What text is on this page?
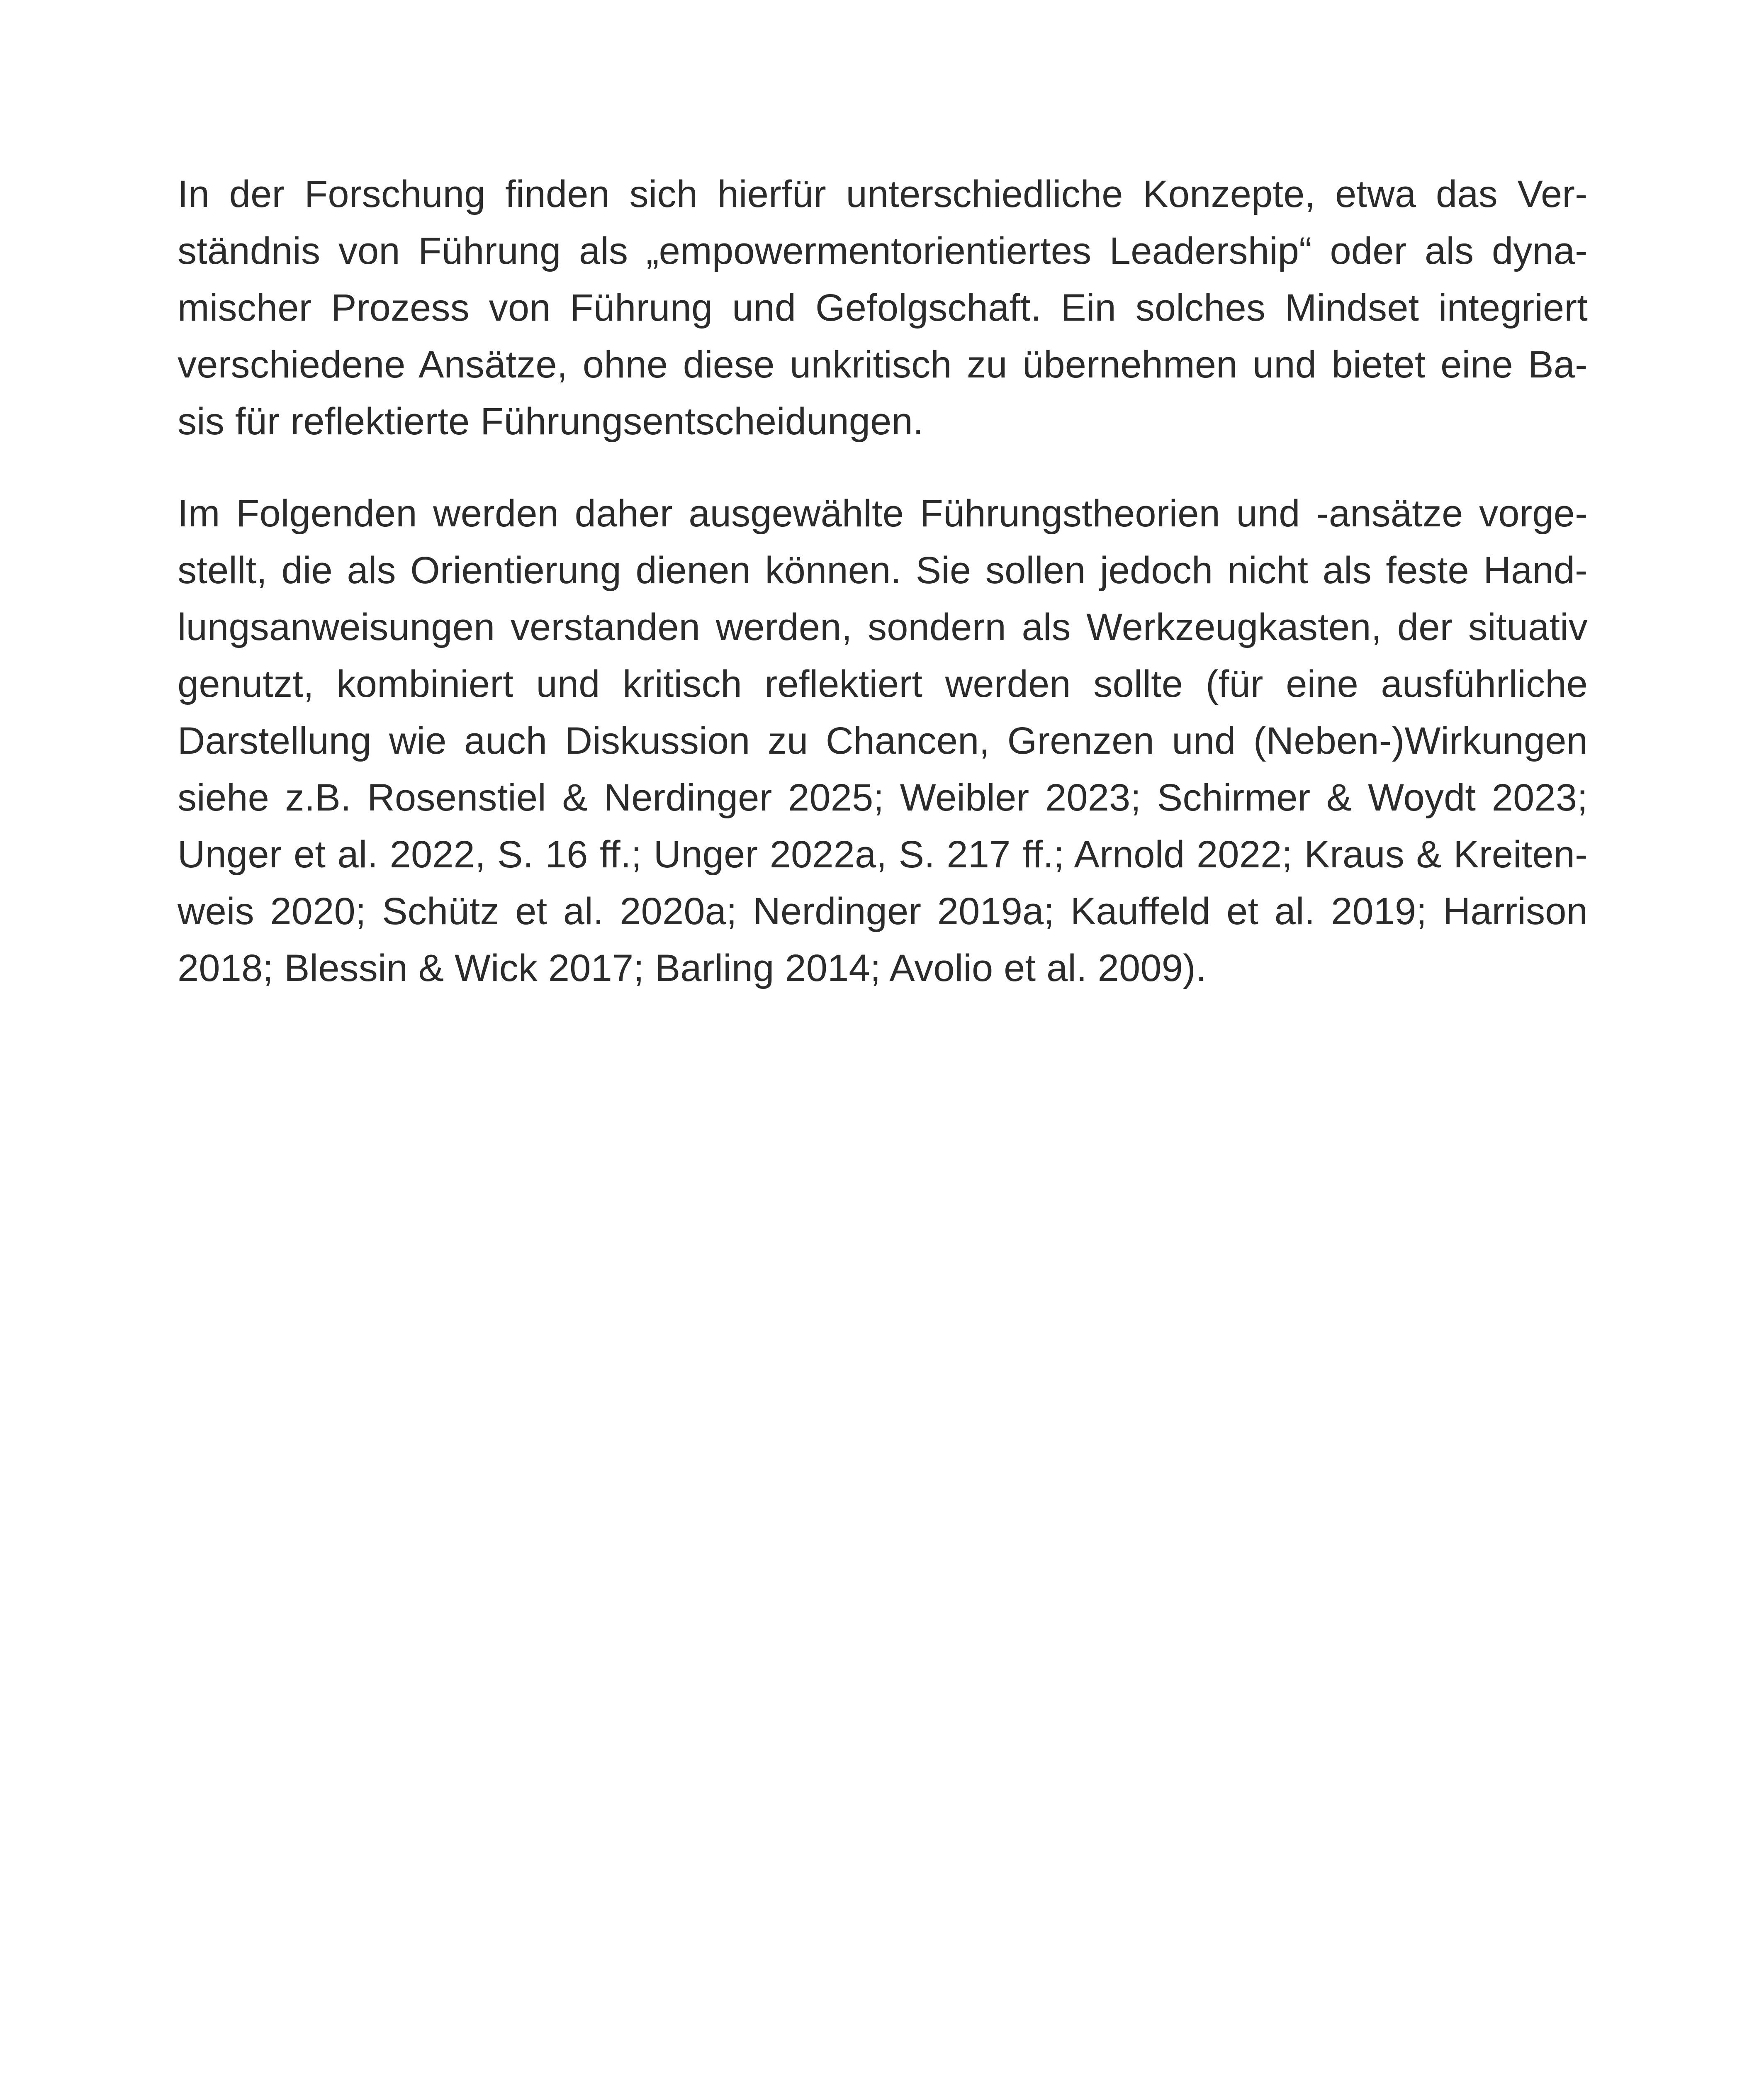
In der Forschung finden sich hierfür unterschiedliche Konzepte, etwa das Ver-
ständnis von Führung als „empowermentorientiertes Leadership“ oder als dyna-
mischer Prozess von Führung und Gefolgschaft. Ein solches Mindset integriert
verschiedene Ansätze, ohne diese unkritisch zu übernehmen und bietet eine Ba-
sis für reflektierte Führungsentscheidungen.
Im Folgenden werden daher ausgewählte Führungstheorien und -ansätze vorge-
stellt, die als Orientierung dienen können. Sie sollen jedoch nicht als feste Hand-
lungsanweisungen verstanden werden, sondern als Werkzeugkasten, der situativ
genutzt, kombiniert und kritisch reflektiert werden sollte (für eine ausführliche
Darstellung wie auch Diskussion zu Chancen, Grenzen und (Neben-)Wirkungen
siehe z.B. Rosenstiel & Nerdinger 2025; Weibler 2023; Schirmer & Woydt 2023;
Unger et al. 2022, S. 16 ff.; Unger 2022a, S. 217 ff.; Arnold 2022; Kraus & Kreiten-
weis 2020; Schütz et al. 2020a; Nerdinger 2019a; Kauffeld et al. 2019; Harrison
2018; Blessin & Wick 2017; Barling 2014; Avolio et al. 2009).
